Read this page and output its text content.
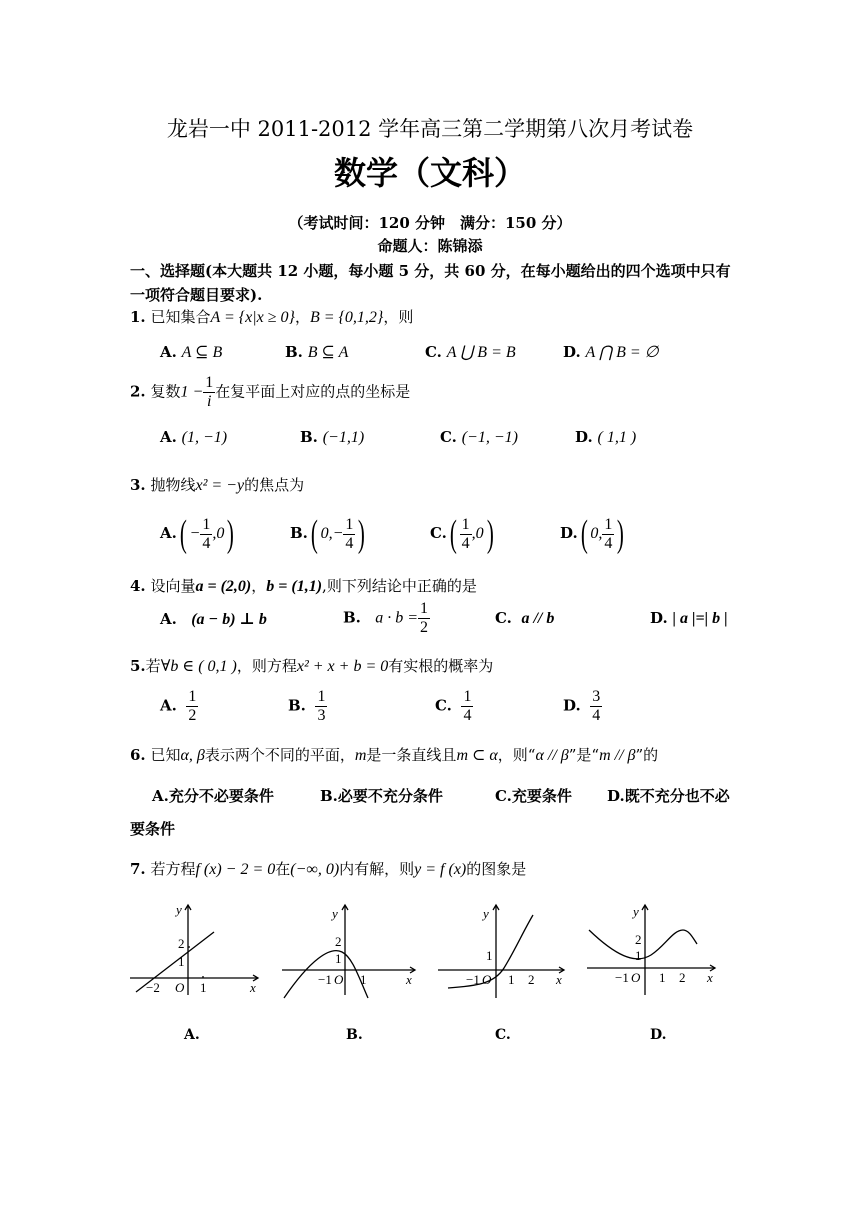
龙岩一中 2011-2012 学年高三第二学期第八次月考试卷
数学（文科）
（考试时间：120 分钟　满分：150 分）
命题人：陈锦添
一、选择题(本大题共 12 小题，每小题 5 分，共 60 分，在每小题给出的四个选项中只有
一项符合题目要求).
1. 已知集合A = {x|x ≥ 0}，B = {0,1,2}，则
A. A ⊆ B	B. B ⊆ A	C. A ⋃ B = B	D. A ⋂ B = ∅
2. 复数$1 - \frac{1}{i}$ 在复平面上对应的点的坐标是
A. (1, −1)	B. (−1,1)	C. (−1, −1)	D. ( 1,1 )
3. 抛物线x² = −y的焦点为
$A.( - \frac{1}{4} ,0)$	B.( $0,- \frac{1}{4}$ )	$C.( \frac{1}{4} ,0)$	D.( 0, $\frac{1}{4}$ )
4. 设向量a = (2,0)，b = (1,1),则下列结论中正确的是
A. (a − b) ⊥ b	B. $a \cdot b = \frac{1}{2}$	C. a // b	D. | a |=| b |
5.若∀b ∈ ( 0,1 )，则方程x² + x + b = 0有实根的概率为
A. $\frac{1}{2}$	B. $\frac{1}{3}$	C. $\frac{1}{4}$	D. $\frac{3}{4}$
6. 已知α, β表示两个不同的平面，m是一条直线且m ⊂ α，则“α // β”是“m // β”的
A.充分不必要条件	B.必要不充分条件	C.充要条件 D.既不充分也不必
要条件
7. 若方程f (x) − 2 = 0在(−∞, 0)内有解，则y = f (x)的图象是
y
x
O
2
1
−2	1
y
x
O
2
1
−1 1
y
x
O
1
−1 1 2
y
x
O
2
1
−1 1 2
A.	B.	C.	D.
